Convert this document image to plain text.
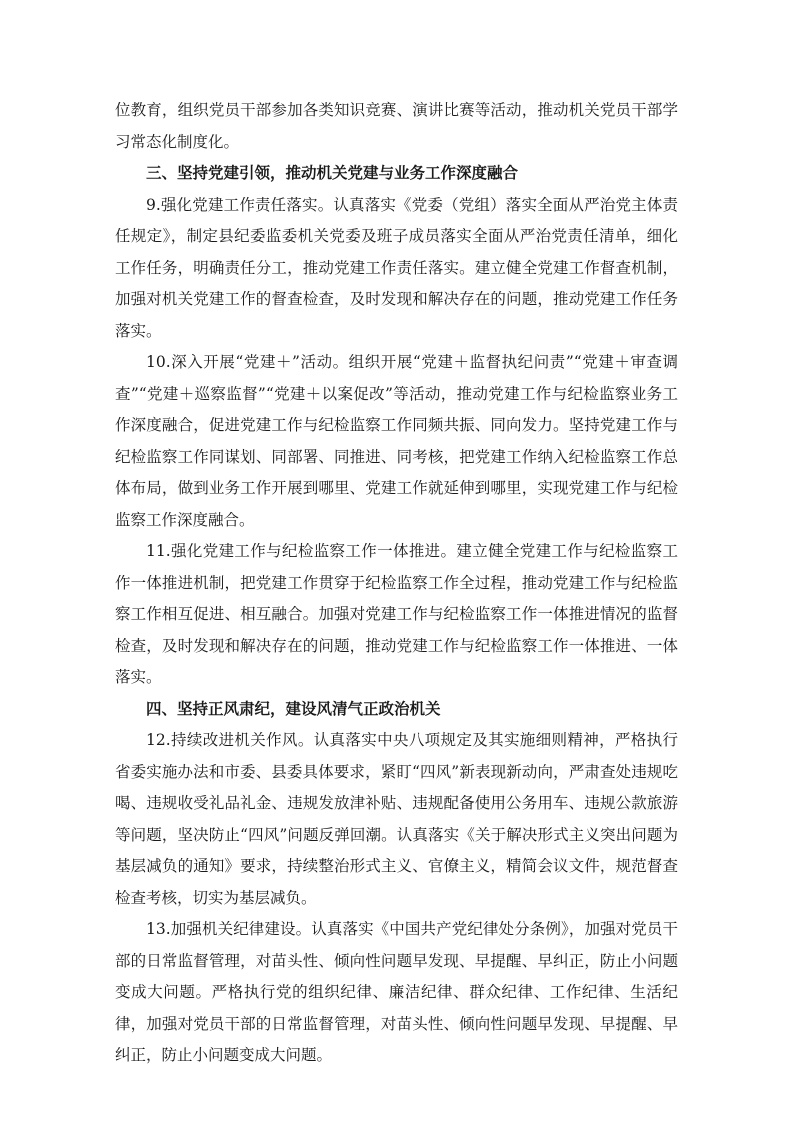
位教育，组织党员干部参加各类知识竞赛、演讲比赛等活动，推动机关党员干部学习常态化制度化。

三、坚持党建引领，推动机关党建与业务工作深度融合

9.强化党建工作责任落实。认真落实《党委（党组）落实全面从严治党主体责任规定》，制定县纪委监委机关党委及班子成员落实全面从严治党责任清单，细化工作任务，明确责任分工，推动党建工作责任落实。建立健全党建工作督查机制，加强对机关党建工作的督查检查，及时发现和解决存在的问题，推动党建工作任务落实。

10.深入开展“党建＋”活动。组织开展“党建＋监督执纪问责”“党建＋审查调查”“党建＋巡察监督”“党建＋以案促改”等活动，推动党建工作与纪检监察业务工作深度融合，促进党建工作与纪检监察工作同频共振、同向发力。坚持党建工作与纪检监察工作同谋划、同部署、同推进、同考核，把党建工作纳入纪检监察工作总体布局，做到业务工作开展到哪里、党建工作就延伸到哪里，实现党建工作与纪检监察工作深度融合。

11.强化党建工作与纪检监察工作一体推进。建立健全党建工作与纪检监察工作一体推进机制，把党建工作贯穿于纪检监察工作全过程，推动党建工作与纪检监察工作相互促进、相互融合。加强对党建工作与纪检监察工作一体推进情况的监督检查，及时发现和解决存在的问题，推动党建工作与纪检监察工作一体推进、一体落实。

四、坚持正风肃纪，建设风清气正政治机关

12.持续改进机关作风。认真落实中央八项规定及其实施细则精神，严格执行省委实施办法和市委、县委具体要求，紧盯“四风”新表现新动向，严肃查处违规吃喝、违规收受礼品礼金、违规发放津补贴、违规配备使用公务用车、违规公款旅游等问题，坚决防止“四风”问题反弹回潮。认真落实《关于解决形式主义突出问题为基层减负的通知》要求，持续整治形式主义、官僚主义，精简会议文件，规范督查检查考核，切实为基层减负。

13.加强机关纪律建设。认真落实《中国共产党纪律处分条例》，加强对党员干部的日常监督管理，对苗头性、倾向性问题早发现、早提醒、早纠正，防止小问题变成大问题。严格执行党的组织纪律、廉洁纪律、群众纪律、工作纪律、生活纪律，加强对党员干部的日常监督管理，对苗头性、倾向性问题早发现、早提醒、早纠正，防止小问题变成大问题。
